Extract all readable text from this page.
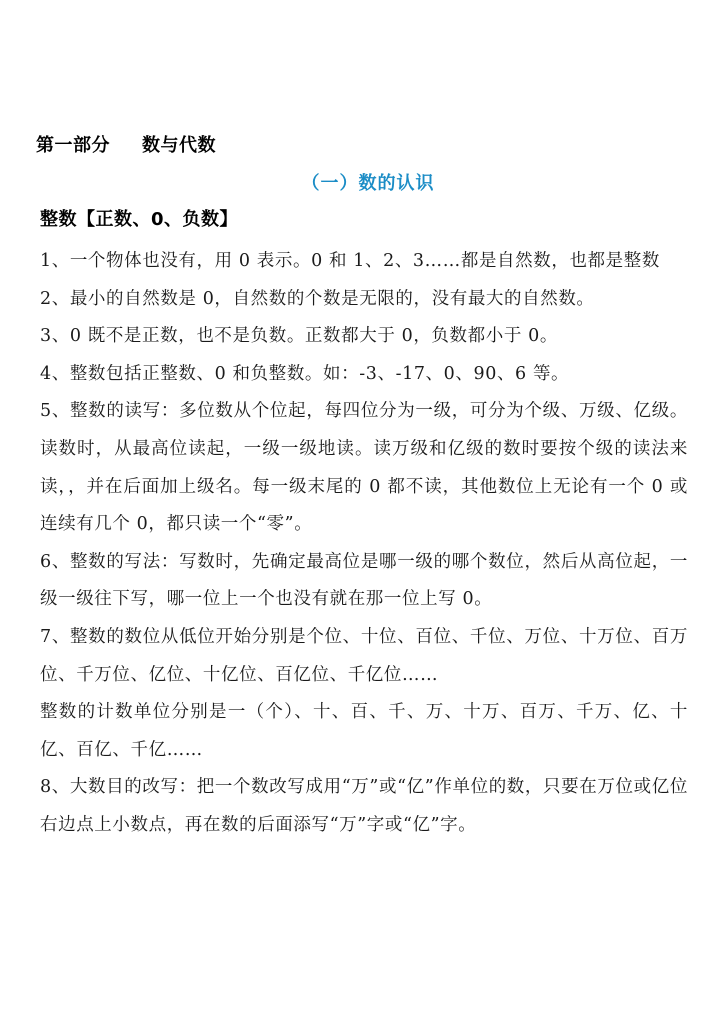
第一部分 数与代数
（一）数的认识
整数【正数、0、负数】

1、一个物体也没有，用 0 表示。0 和 1、2、3……都是自然数，也都是整数

2、最小的自然数是 0，自然数的个数是无限的，没有最大的自然数。

3、0 既不是正数，也不是负数。正数都大于 0，负数都小于 0。

4、整数包括正整数、0 和负整数。如：-3、-17、0、90、6 等。

5、整数的读写：多位数从个位起，每四位分为一级，可分为个级、万级、亿级。读数时，从最高位读起，一级一级地读。读万级和亿级的数时要按个级的读法来读，，并在后面加上级名。每一级末尾的 0 都不读，其他数位上无论有一个 0 或连续有几个 0，都只读一个“零”。

6、整数的写法：写数时，先确定最高位是哪一级的哪个数位，然后从高位起，一级一级往下写，哪一位上一个也没有就在那一位上写 0。

7、整数的数位从低位开始分别是个位、十位、百位、千位、万位、十万位、百万位、千万位、亿位、十亿位、百亿位、千亿位……

整数的计数单位分别是一（个）、十、百、千、万、十万、百万、千万、亿、十亿、百亿、千亿……

8、大数目的改写：把一个数改写成用“万”或“亿”作单位的数，只要在万位或亿位右边点上小数点，再在数的后面添写“万”字或“亿”字。
